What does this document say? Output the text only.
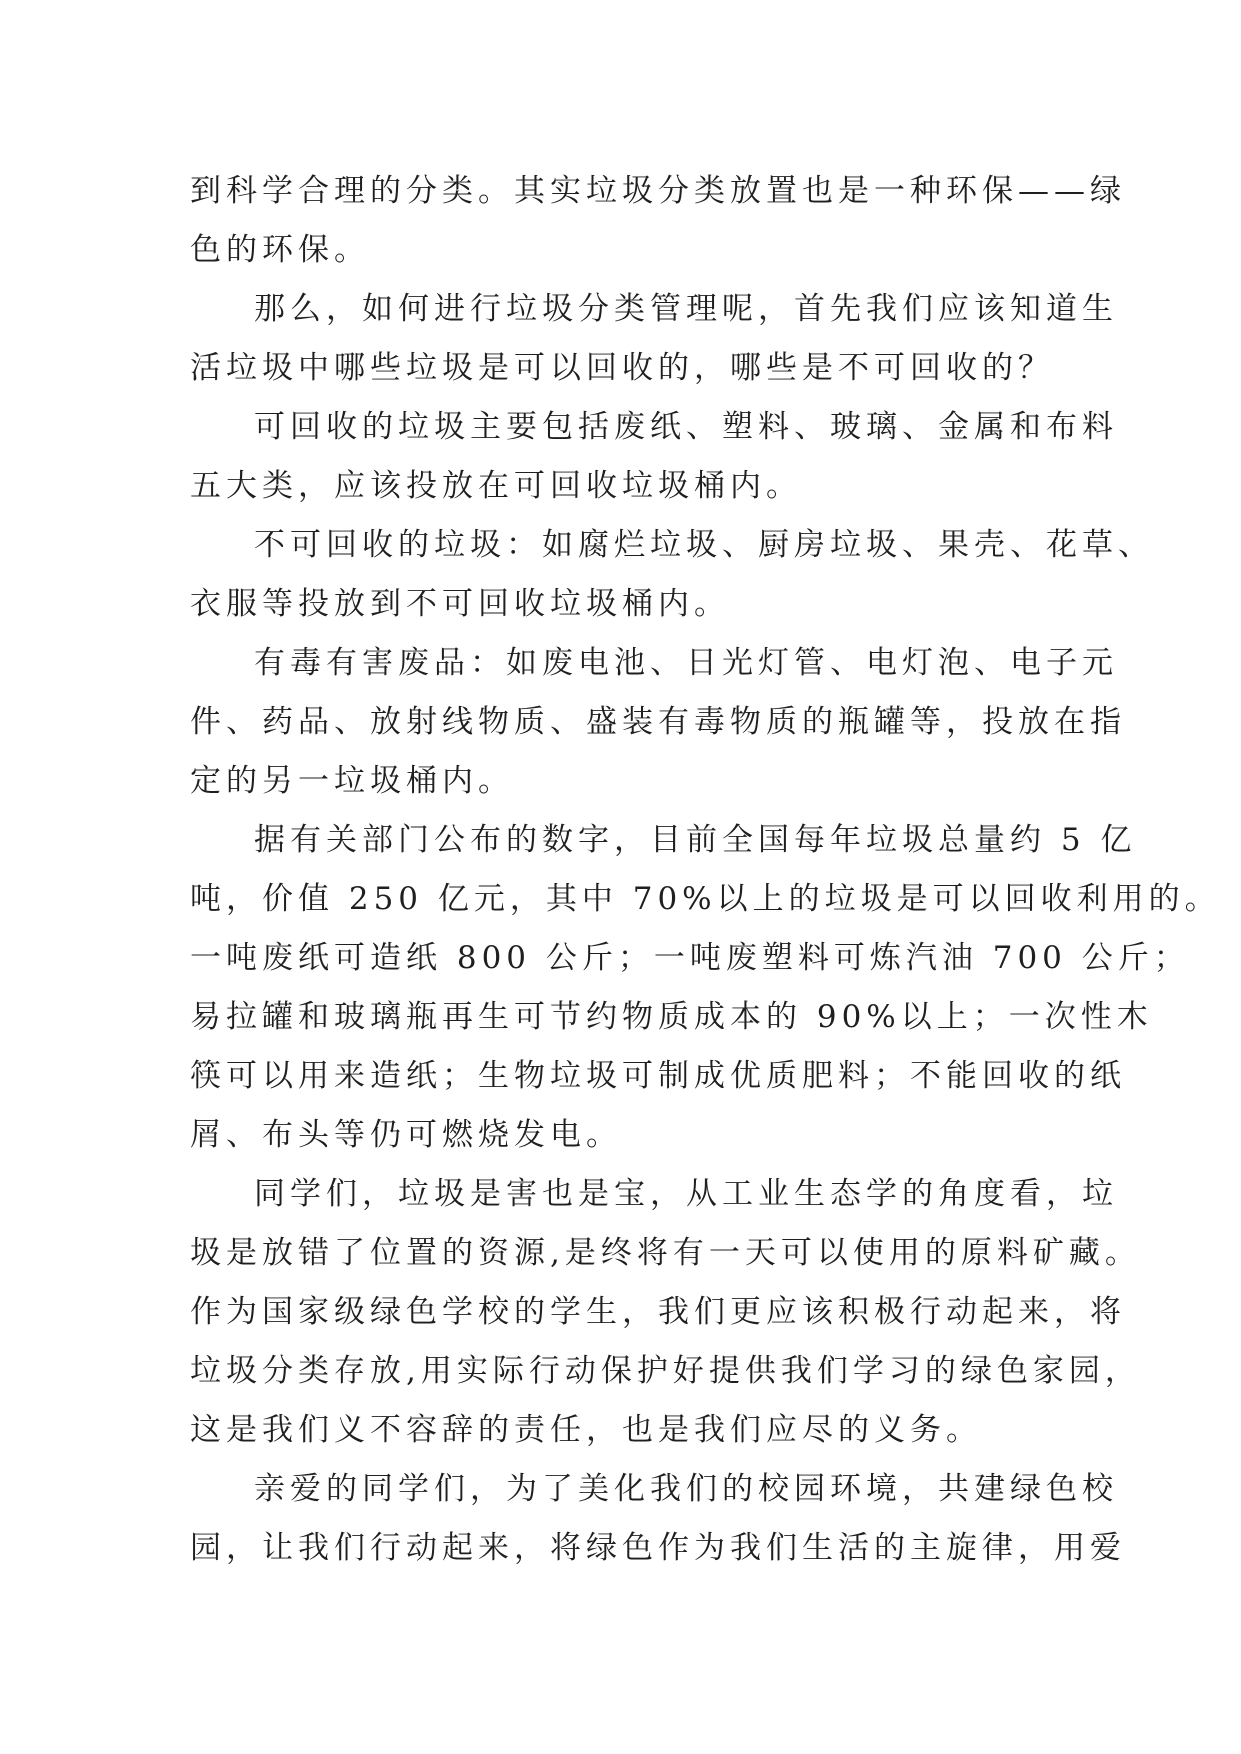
到科学合理的分类。其实垃圾分类放置也是一种环保——绿
色的环保。

那么，如何进行垃圾分类管理呢，首先我们应该知道生
活垃圾中哪些垃圾是可以回收的，哪些是不可回收的？

可回收的垃圾主要包括废纸、塑料、玻璃、金属和布料
五大类，应该投放在可回收垃圾桶内。

不可回收的垃圾：如腐烂垃圾、厨房垃圾、果壳、花草、
衣服等投放到不可回收垃圾桶内。

有毒有害废品：如废电池、日光灯管、电灯泡、电子元
件、药品、放射线物质、盛装有毒物质的瓶罐等，投放在指
定的另一垃圾桶内。

据有关部门公布的数字，目前全国每年垃圾总量约 5 亿
吨，价值 250 亿元，其中 70%以上的垃圾是可以回收利用的。
一吨废纸可造纸 800 公斤；一吨废塑料可炼汽油 700 公斤；
易拉罐和玻璃瓶再生可节约物质成本的 90%以上；一次性木
筷可以用来造纸；生物垃圾可制成优质肥料；不能回收的纸
屑、布头等仍可燃烧发电。

同学们，垃圾是害也是宝，从工业生态学的角度看，垃
圾是放错了位置的资源,是终将有一天可以使用的原料矿藏。
作为国家级绿色学校的学生，我们更应该积极行动起来，将
垃圾分类存放,用实际行动保护好提供我们学习的绿色家园，
这是我们义不容辞的责任，也是我们应尽的义务。

亲爱的同学们，为了美化我们的校园环境，共建绿色校
园，让我们行动起来，将绿色作为我们生活的主旋律，用爱
